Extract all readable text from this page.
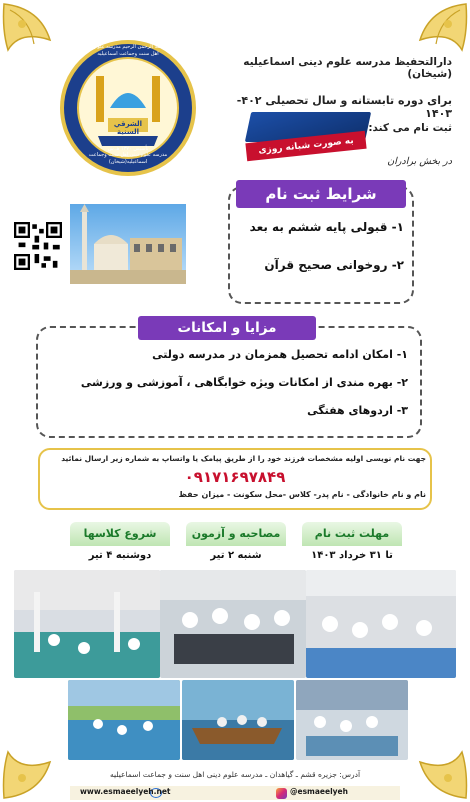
الشرقي السنية
بسم الله الرحمن الرحيم مدرسه علوم دینی اهل سنت وجماعت اسماعیلیه
مدرسه علوم دینی اهل سنت وجماعت اسماعیلیه(شیخان)
تأسیس ۱۳۷۰ هـ.ش
دارالتحفیظ مدرسه علوم دینی اسماعیلیه (شیخان)
برای دوره تابستانه و سال تحصیلی ۴۰۲- ۱۴۰۳
ثبت نام می کند:
به صورت شبانه روزی
در بخش برادران
شرایط ثبت نام
۱- قبولی پایه ششم به بعد
۲- روخوانی صحیح قرآن
مزایا و امکانات
۱- امکان ادامه تحصیل همزمان در مدرسه دولتی
۲- بهره مندی از امکانات ویژه خوابگاهی ، آموزشی و ورزشی
۳- اردوهای هفتگی
جهت نام نویسی اولیه مشخصات فرزند خود را از طریق پیامک یا واتساپ به شماره زیر ارسال نمائید
۰۹۱۷۱۶۹۷۸۴۹
نام و نام خانوادگی - نام پدر- کلاس -محل سکونت - میزان حفظ
مهلت ثبت نام
تا ۳۱ خرداد ۱۴۰۳
مصاحبه و آزمون
شنبه ۲ تیر
شروع کلاسها
دوشنبه ۴ تیر
آدرس: جزیره قشم ـ گیاهدان ـ مدرسه علوم دینی اهل سنت و جماعت اسماعیلیه
www.esmaeelyeh.net	@esmaeelyeh
